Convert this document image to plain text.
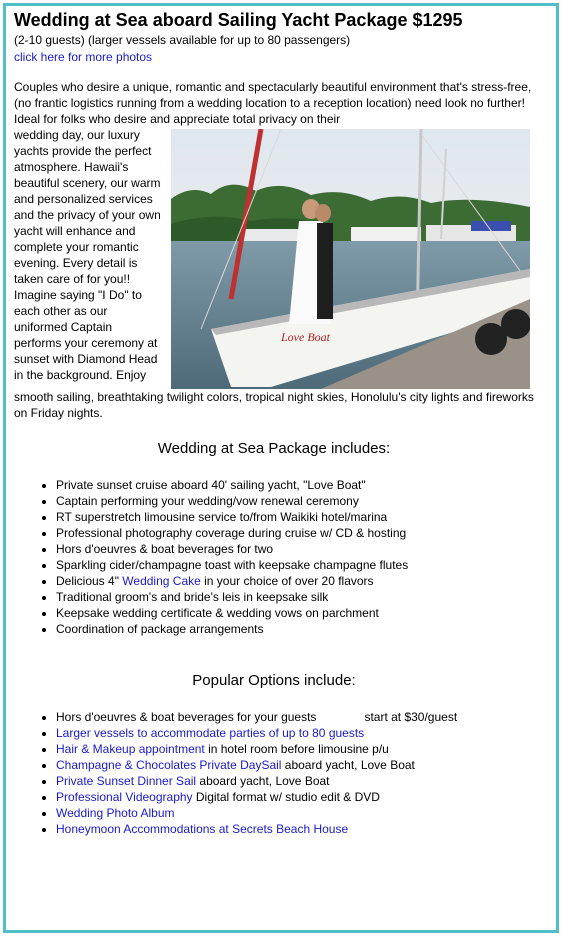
Wedding at Sea aboard Sailing Yacht Package $1295
(2-10 guests) (larger vessels available for up to 80 passengers)
click here for more photos
Couples who desire a unique, romantic and spectacularly beautiful environment that's stress-free, (no frantic logistics running from a wedding location to a reception location) need look no further! Ideal for folks who desire and appreciate total privacy on their
Love Boat
wedding day, our luxury yachts provide the perfect atmosphere. Hawaii's beautiful scenery, our warm and personalized services and the privacy of your own yacht will enhance and complete your romantic evening. Every detail is taken care of for you!! Imagine saying "I Do" to each other as our uniformed Captain performs your ceremony at sunset with Diamond Head in the background. Enjoy
smooth sailing, breathtaking twilight colors, tropical night skies, Honolulu's city lights and fireworks on Friday nights.
Wedding at Sea Package includes:
• Private sunset cruise aboard 40' sailing yacht, "Love Boat"
• Captain performing your wedding/vow renewal ceremony
• RT superstretch limousine service to/from Waikiki hotel/marina
• Professional photography coverage during cruise w/ CD & hosting
• Hors d'oeuvres & boat beverages for two
• Sparkling cider/champagne toast with keepsake champagne flutes
• Delicious 4" Wedding Cake in your choice of over 20 flavors
• Traditional groom's and bride's leis in keepsake silk
• Keepsake wedding certificate & wedding vows on parchment
• Coordination of package arrangements
Popular Options include:
• Hors d'oeuvres & boat beverages for your guests	start at $30/guest
• Larger vessels to accommodate parties of up to 80 guests
• Hair & Makeup appointment in hotel room before limousine p/u
• Champagne & Chocolates Private DaySail aboard yacht, Love Boat
• Private Sunset Dinner Sail aboard yacht, Love Boat
• Professional Videography Digital format w/ studio edit & DVD
• Wedding Photo Album
• Honeymoon Accommodations at Secrets Beach House
